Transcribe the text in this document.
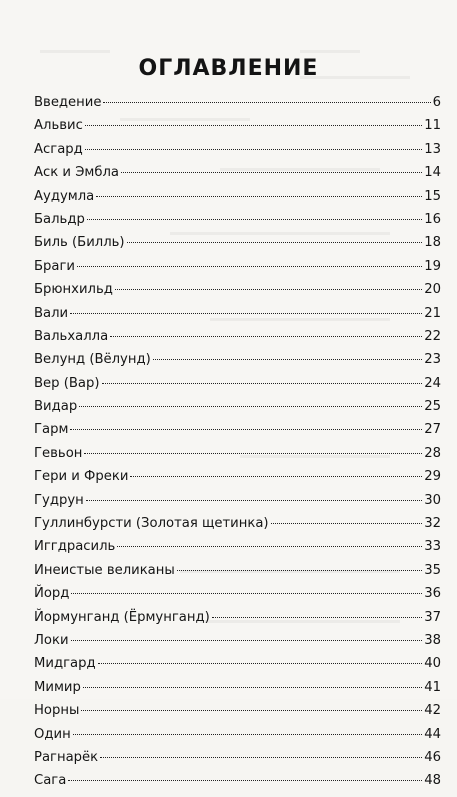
ОГЛАВЛЕНИЕ
Введение	6
Альвис	11
Асгард	13
Аск и Эмбла	14
Аудумла	15
Бальдр	16
Биль (Билль)	18
Браги	19
Брюнхильд	20
Вали	21
Вальхалла	22
Велунд (Вёлунд)	23
Вер (Вар)	24
Видар	25
Гарм	27
Гевьон	28
Гери и Фреки	29
Гудрун	30
Гуллинбурсти (Золотая щетинка)	32
Иггдрасиль	33
Инеистые великаны	35
Йорд	36
Йормунганд (Ёрмунганд)	37
Локи	38
Мидгард	40
Мимир	41
Норны	42
Один	44
Рагнарёк	46
Сага	48
